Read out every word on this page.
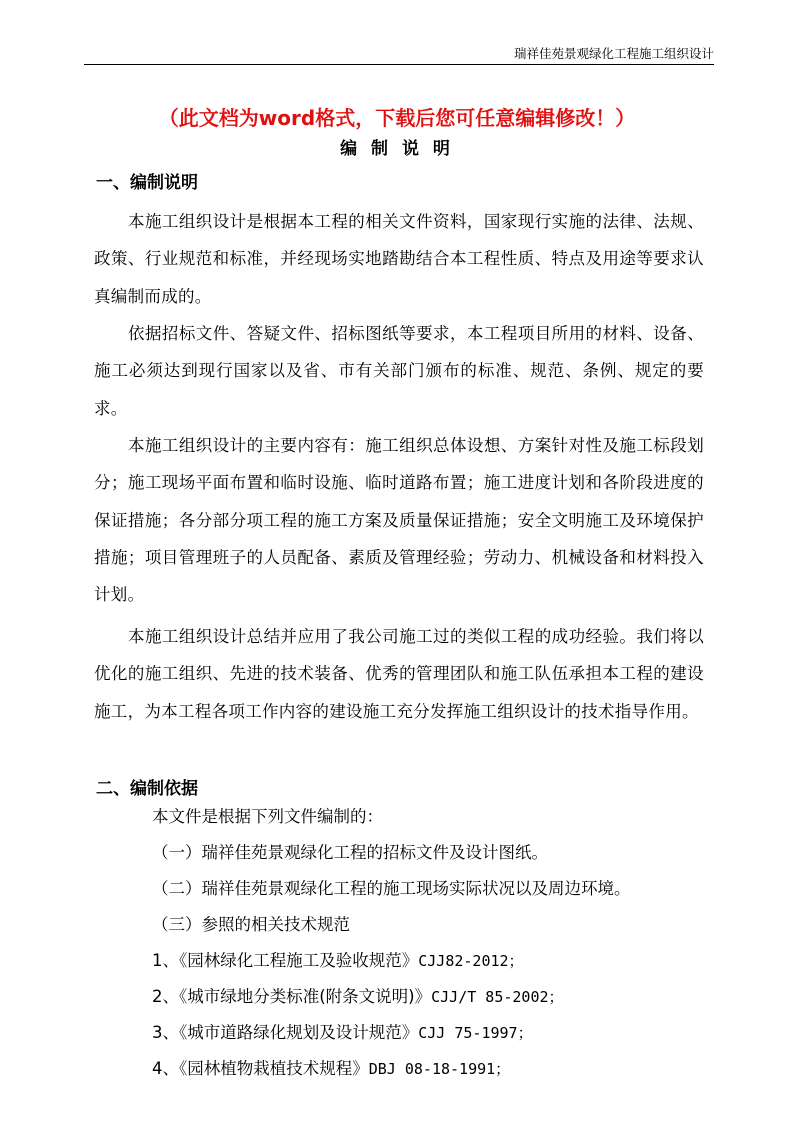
瑞祥佳苑景观绿化工程施工组织设计
（此文档为word格式，下载后您可任意编辑修改！）
编 制 说 明
一、编制说明

本施工组织设计是根据本工程的相关文件资料，国家现行实施的法律、法规、政策、行业规范和标准，并经现场实地踏勘结合本工程性质、特点及用途等要求认真编制而成的。

依据招标文件、答疑文件、招标图纸等要求，本工程项目所用的材料、设备、施工必须达到现行国家以及省、市有关部门颁布的标准、规范、条例、规定的要求。

本施工组织设计的主要内容有：施工组织总体设想、方案针对性及施工标段划分；施工现场平面布置和临时设施、临时道路布置；施工进度计划和各阶段进度的保证措施；各分部分项工程的施工方案及质量保证措施；安全文明施工及环境保护措施；项目管理班子的人员配备、素质及管理经验；劳动力、机械设备和材料投入计划。

本施工组织设计总结并应用了我公司施工过的类似工程的成功经验。我们将以优化的施工组织、先进的技术装备、优秀的管理团队和施工队伍承担本工程的建设施工，为本工程各项工作内容的建设施工充分发挥施工组织设计的技术指导作用。

二、编制依据
本文件是根据下列文件编制的：
（一）瑞祥佳苑景观绿化工程的招标文件及设计图纸。
（二）瑞祥佳苑景观绿化工程的施工现场实际状况以及周边环境。
（三）参照的相关技术规范
1、《园林绿化工程施工及验收规范》CJJ82-2012；
2、《城市绿地分类标准(附条文说明)》CJJ/T 85-2002；
3、《城市道路绿化规划及设计规范》CJJ 75-1997；
4、《园林植物栽植技术规程》DBJ 08-18-1991；
